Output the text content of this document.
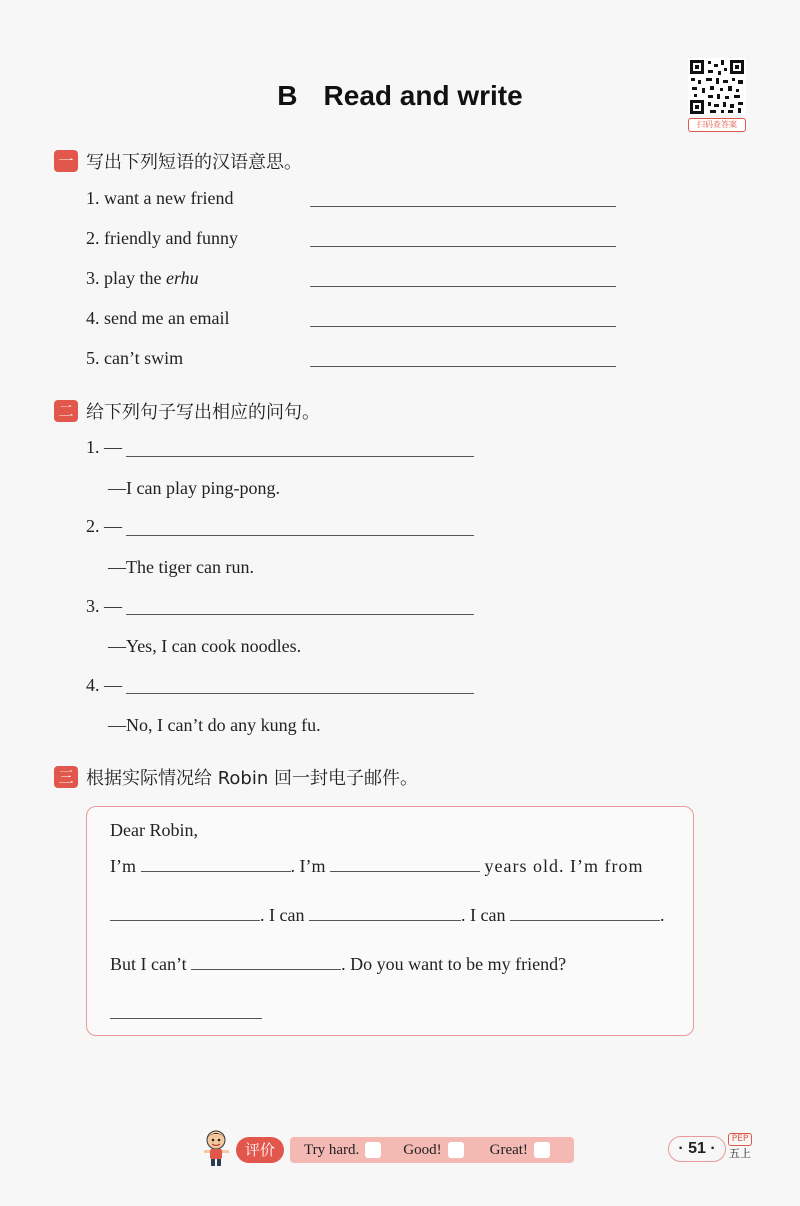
B Read and write
扫码查答案
一 写出下列短语的汉语意思。
1. want a new friend
2. friendly and funny
3. play the erhu
4. send me an email
5. can’t swim
二 给下列句子写出相应的问句。
1. —
—I can play ping-pong.
2. —
—The tiger can run.
3. —
—Yes, I can cook noodles.
4. —
—No, I can’t do any kung fu.
三 根据实际情况给 Robin 回一封电子邮件。
Dear Robin,
I’m	. I’m	years old. I’m from
. I can	. I can	.
But I can’t	. Do you want to be my friend?
评价	Try hard.	Good!	Great!	· 51 ·
PEP
五上
